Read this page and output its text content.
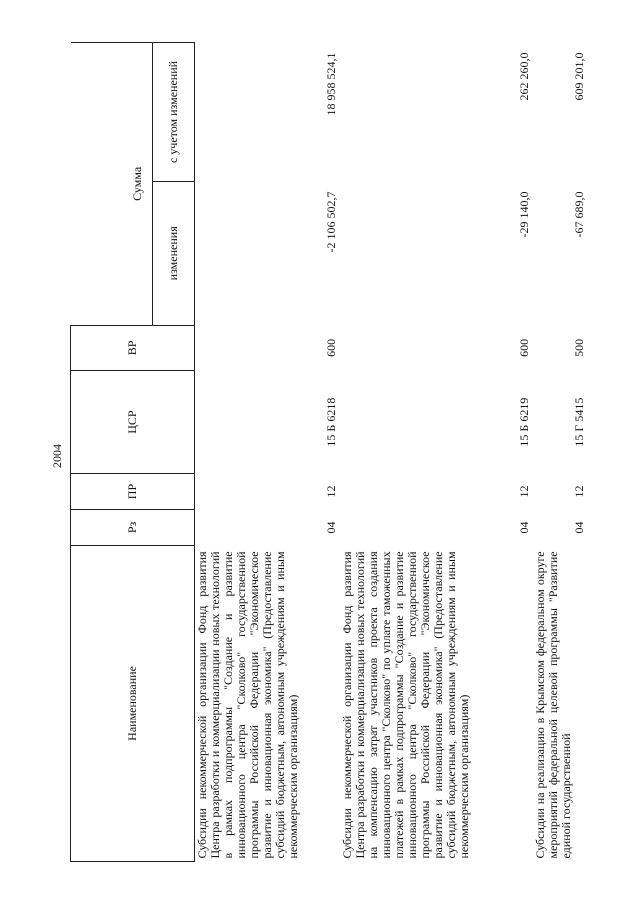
2004
Наименование	Рз	ПР	ЦСР	ВР		
					Сумма	
					изменения	с учетом изменений

Субсидии некоммерческой организации Фонд развития Центра разработки и коммерциализации новых технологий в рамках подпрограммы "Создание и развитие инновационного центра "Сколково" государственной программы Российской Федерации "Экономическое развитие и инновационная экономика" (Предоставление субсидий бюджетным, автономным учреждениям и иным некоммерческим организациям)	04	12	15 Б 6218	600	-2 106 502,7	18 958 524,1
Субсидии некоммерческой организации Фонд развития Центра разработки и коммерциализации новых технологий на компенсацию затрат участников проекта создания инновационного центра "Сколково" по уплате таможенных платежей в рамках подпрограммы "Создание и развитие инновационного центра "Сколково" государственной программы Российской Федерации "Экономическое развитие и инновационная экономика" (Предоставление субсидий бюджетным, автономным учреждениям и иным некоммерческим организациям)	04	12	15 Б 6219	600	-29 140,0	262 260,0
Субсидии на реализацию в Крымском федеральном округе мероприятий федеральной целевой программы "Развитие единой государственной	04	12	15 Г 5415	500	-67 689,0	609 201,0
